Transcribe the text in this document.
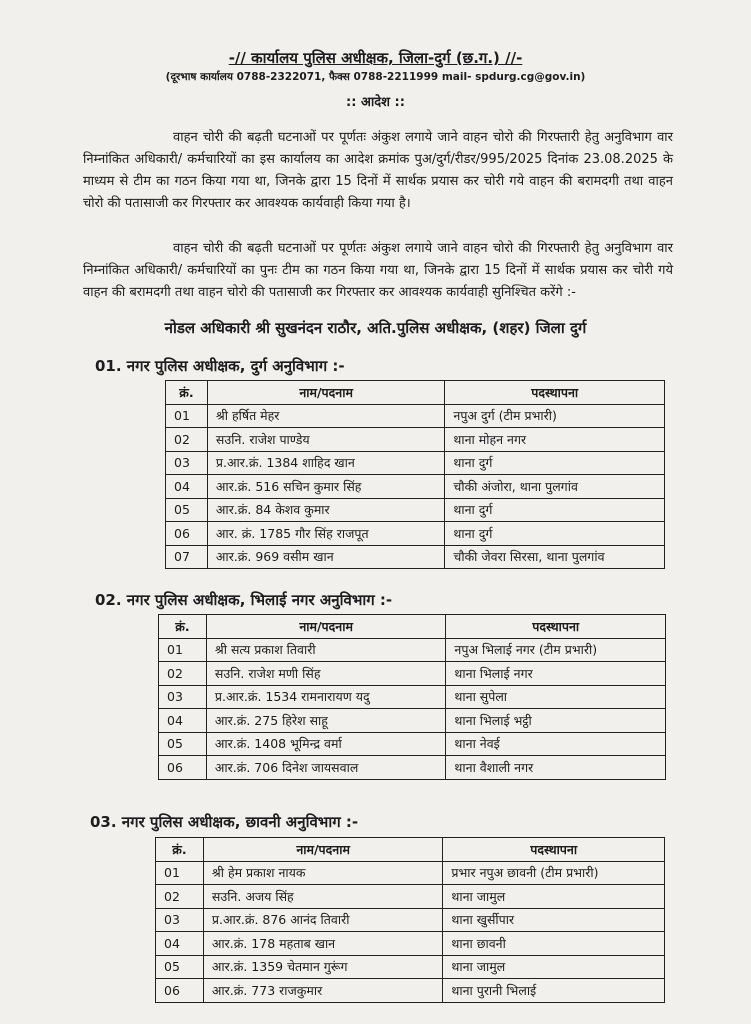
-// कार्यालय पुलिस अधीक्षक, जिला-दुर्ग (छ.ग.) //-
(दूरभाष कार्यालय 0788-2322071, फैक्स 0788-2211999 mail- spdurg.cg@gov.in)
:: आदेश ::

वाहन चोरी की बढ़ती घटनाओं पर पूर्णतः अंकुश लगाये जाने वाहन चोरो की गिरफ्तारी हेतु अनुविभाग वार निम्नांकित अधिकारी/ कर्मचारियों का इस कार्यालय का आदेश क्रमांक पुअ/दुर्ग/रीडर/995/2025 दिनांक 23.08.2025 के माध्यम से टीम का गठन किया गया था, जिनके द्वारा 15 दिनों में सार्थक प्रयास कर चोरी गये वाहन की बरामदगी तथा वाहन चोरो की पतासाजी कर गिरफ्तार कर आवश्यक कार्यवाही किया गया है।

वाहन चोरी की बढ़ती घटनाओं पर पूर्णतः अंकुश लगाये जाने वाहन चोरो की गिरफ्तारी हेतु अनुविभाग वार निम्नांकित अधिकारी/ कर्मचारियों का पुनः टीम का गठन किया गया था, जिनके द्वारा 15 दिनों में सार्थक प्रयास कर चोरी गये वाहन की बरामदगी तथा वाहन चोरो की पतासाजी कर गिरफ्तार कर आवश्यक कार्यवाही सुनिश्चित करेंगे :-

नोडल अधिकारी श्री सुखनंदन राठौर, अति.पुलिस अधीक्षक, (शहर) जिला दुर्ग
01. नगर पुलिस अधीक्षक, दुर्ग अनुविभाग :-
क्रं.	नाम/पदनाम	पदस्थापना
01	श्री हर्षित मेहर	नपुअ दुर्ग (टीम प्रभारी)
02	सउनि. राजेश पाण्डेय	थाना मोहन नगर
03	प्र.आर.क्रं. 1384 शाहिद खान	थाना दुर्ग
04	आर.क्रं. 516 सचिन कुमार सिंह	चौकी अंजोरा, थाना पुलगांव
05	आर.क्रं. 84 केशव कुमार	थाना दुर्ग
06	आर. क्रं. 1785 गौर सिंह राजपूत	थाना दुर्ग
07	आर.क्रं. 969 वसीम खान	चौकी जेवरा सिरसा, थाना पुलगांव
02. नगर पुलिस अधीक्षक, भिलाई नगर अनुविभाग :-
क्रं.	नाम/पदनाम	पदस्थापना
01	श्री सत्य प्रकाश तिवारी	नपुअ भिलाई नगर (टीम प्रभारी)
02	सउनि. राजेश मणी सिंह	थाना भिलाई नगर
03	प्र.आर.क्रं. 1534 रामनारायण यदु	थाना सुपेला
04	आर.क्रं. 275 हिरेश साहू	थाना भिलाई भट्ठी
05	आर.क्रं. 1408 भूमिन्द्र वर्मा	थाना नेवई
06	आर.क्रं. 706 दिनेश जायसवाल	थाना वैशाली नगर
03. नगर पुलिस अधीक्षक, छावनी अनुविभाग :-
क्रं.	नाम/पदनाम	पदस्थापना
01	श्री हेम प्रकाश नायक	प्रभार नपुअ छावनी (टीम प्रभारी)
02	सउनि. अजय सिंह	थाना जामुल
03	प्र.आर.क्रं. 876 आनंद तिवारी	थाना खुर्सीपार
04	आर.क्रं. 178 महताब खान	थाना छावनी
05	आर.क्रं. 1359 चेतमान गुरूंग	थाना जामुल
06	आर.क्रं. 773 राजकुमार	थाना पुरानी भिलाई
